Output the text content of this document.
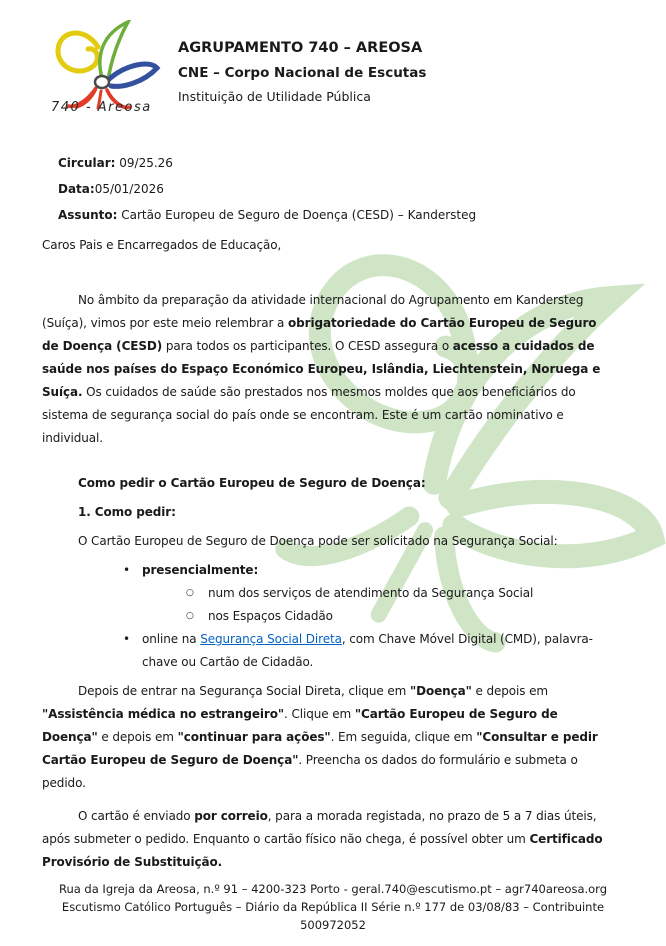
740 - Areosa

AGRUPAMENTO 740 – AREOSA

CNE – Corpo Nacional de Escutas

Instituição de Utilidade Pública

Circular: 09/25.26

Data:05/01/2026

Assunto: Cartão Europeu de Seguro de Doença (CESD) – Kandersteg

Caros Pais e Encarregados de Educação,

No âmbito da preparação da atividade internacional do Agrupamento em Kandersteg (Suíça), vimos por este meio relembrar a obrigatoriedade do Cartão Europeu de Seguro de Doença (CESD) para todos os participantes. O CESD assegura o acesso a cuidados de saúde nos países do Espaço Económico Europeu, Islândia, Liechtenstein, Noruega e Suíça. Os cuidados de saúde são prestados nos mesmos moldes que aos beneficiários do sistema de segurança social do país onde se encontram. Este é um cartão nominativo e individual.

Como pedir o Cartão Europeu de Seguro de Doença:

1. Como pedir:

O Cartão Europeu de Seguro de Doença pode ser solicitado na Segurança Social:

• presencialmente:
○ num dos serviços de atendimento da Segurança Social
○ nos Espaços Cidadão
• online na Segurança Social Direta, com Chave Móvel Digital (CMD), palavra-chave ou Cartão de Cidadão.

Depois de entrar na Segurança Social Direta, clique em "Doença" e depois em "Assistência médica no estrangeiro". Clique em "Cartão Europeu de Seguro de Doença" e depois em "continuar para ações". Em seguida, clique em "Consultar e pedir Cartão Europeu de Seguro de Doença". Preencha os dados do formulário e submeta o pedido.

O cartão é enviado por correio, para a morada registada, no prazo de 5 a 7 dias úteis, após submeter o pedido. Enquanto o cartão físico não chega, é possível obter um Certificado Provisório de Substituição.

Rua da Igreja da Areosa, n.º 91 – 4200-323 Porto - geral.740@escutismo.pt – agr740areosa.org
Escutismo Católico Português – Diário da República II Série n.º 177 de 03/08/83 – Contribuinte
500972052
